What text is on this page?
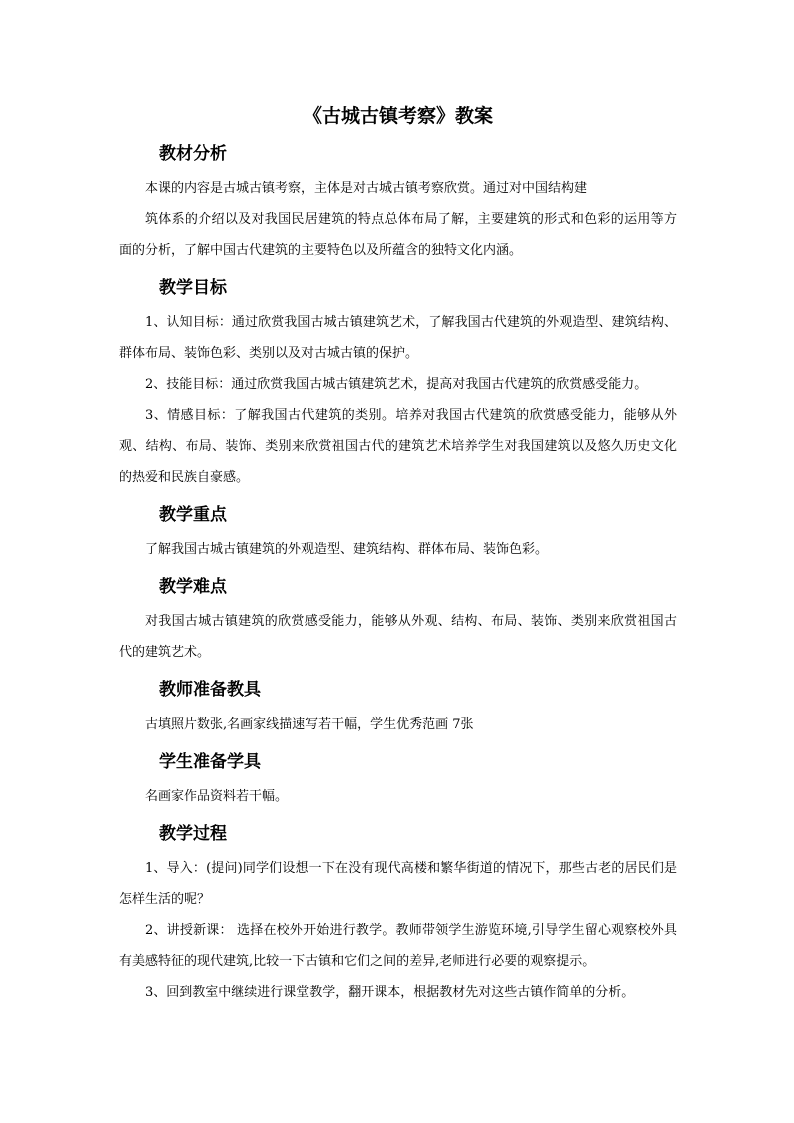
《古城古镇考察》教案
教材分析

本课的内容是古城古镇考察，主体是对古城古镇考察欣赏。通过对中国结构建

筑体系的介绍以及对我国民居建筑的特点总体布局了解，主要建筑的形式和色彩的运用等方面的分析，了解中国古代建筑的主要特色以及所蕴含的独特文化内涵。

教学目标

1、认知目标：通过欣赏我国古城古镇建筑艺术，了解我国古代建筑的外观造型、建筑结构、群体布局、装饰色彩、类别以及对古城古镇的保护。

2、技能目标：通过欣赏我国古城古镇建筑艺术，提高对我国古代建筑的欣赏感受能力。

3、情感目标：了解我国古代建筑的类别。培养对我国古代建筑的欣赏感受能力，能够从外观、结构、布局、装饰、类别来欣赏祖国古代的建筑艺术培养学生对我国建筑以及悠久历史文化的热爱和民族自豪感。

教学重点

了解我国古城古镇建筑的外观造型、建筑结构、群体布局、装饰色彩。

教学难点

对我国古城古镇建筑的欣赏感受能力，能够从外观、结构、布局、装饰、类别来欣赏祖国古代的建筑艺术。

教师准备教具

古填照片数张,名画家线描速写若干幅，学生优秀范画 7张

学生准备学具

名画家作品资料若干幅。

教学过程

1、导入：(提问)同学们设想一下在没有现代高楼和繁华街道的情况下，那些古老的居民们是怎样生活的呢？

2、讲授新课： 选择在校外开始进行教学。教师带领学生游览环境,引导学生留心观察校外具有美感特征的现代建筑,比较一下古镇和它们之间的差异,老师进行必要的观察提示。

3、回到教室中继续进行课堂教学，翻开课本，根据教材先对这些古镇作简单的分析。
